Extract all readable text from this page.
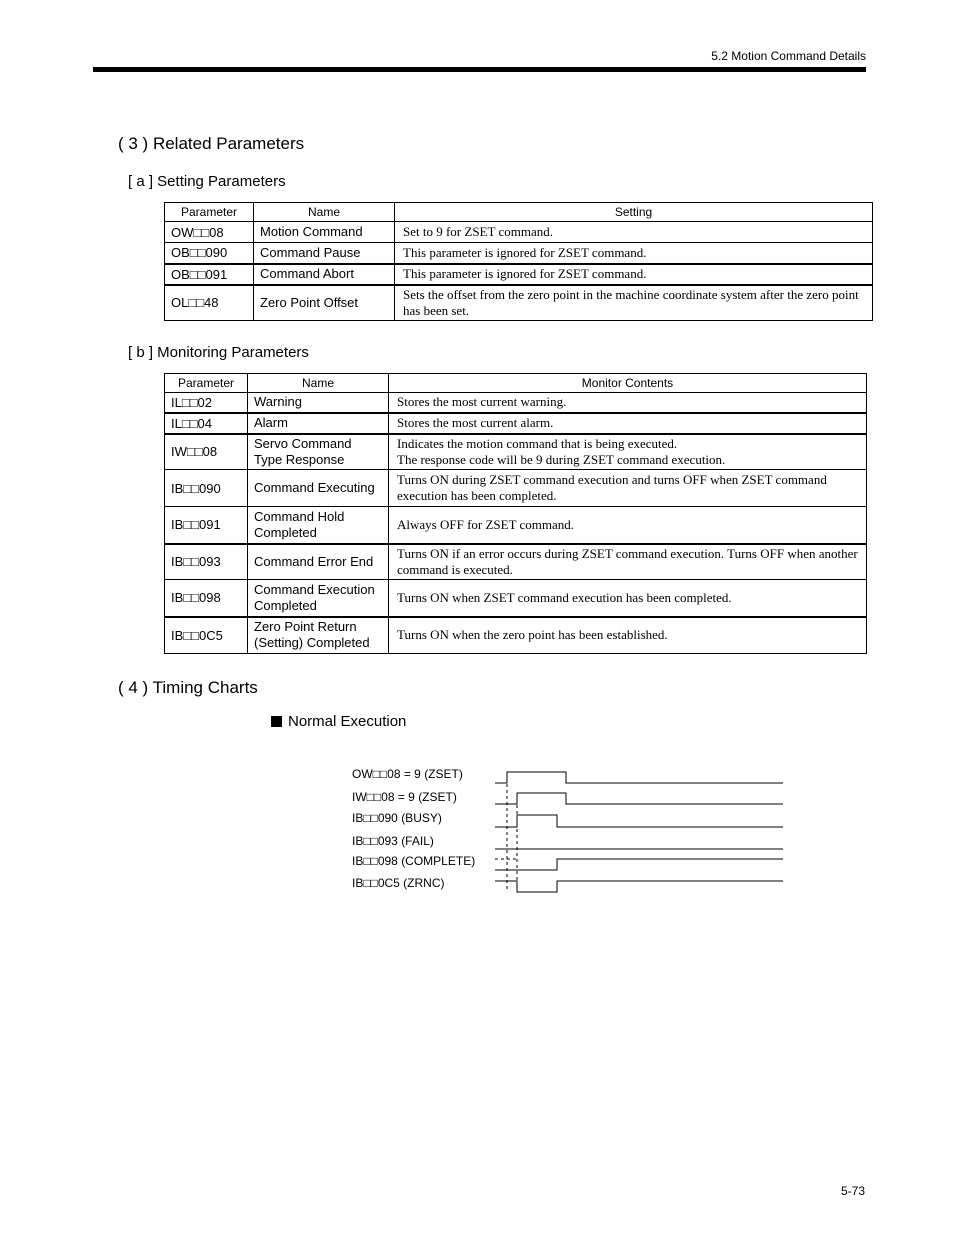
5.2 Motion Command Details
( 3 ) Related Parameters
[ a ] Setting Parameters
Parameter	Name	Setting
OW□□08	Motion Command	Set to 9 for ZSET command.
OB□□090	Command Pause	This parameter is ignored for ZSET command.
OB□□091	Command Abort	This parameter is ignored for ZSET command.
OL□□48	Zero Point Offset	Sets the offset from the zero point in the machine coordinate system after the zero point has been set.
[ b ] Monitoring Parameters
Parameter	Name	Monitor Contents
IL□□02	Warning	Stores the most current warning.
IL□□04	Alarm	Stores the most current alarm.
IW□□08	Servo Command Type Response	Indicates the motion command that is being executed.
The response code will be 9 during ZSET command execution.
IB□□090	Command Executing	Turns ON during ZSET command execution and turns OFF when ZSET command execution has been completed.
IB□□091	Command Hold Completed	Always OFF for ZSET command.
IB□□093	Command Error End	Turns ON if an error occurs during ZSET command execution. Turns OFF when another command is executed.
IB□□098	Command Execution Completed	Turns ON when ZSET command execution has been completed.
IB□□0C5	Zero Point Return (Setting) Completed	Turns ON when the zero point has been established.
( 4 ) Timing Charts
Normal Execution
OW□□08 = 9 (ZSET)
IW□□08 = 9 (ZSET)
IB□□090 (BUSY)
IB□□093 (FAIL)
IB□□098 (COMPLETE)
IB□□0C5 (ZRNC)
5-73
